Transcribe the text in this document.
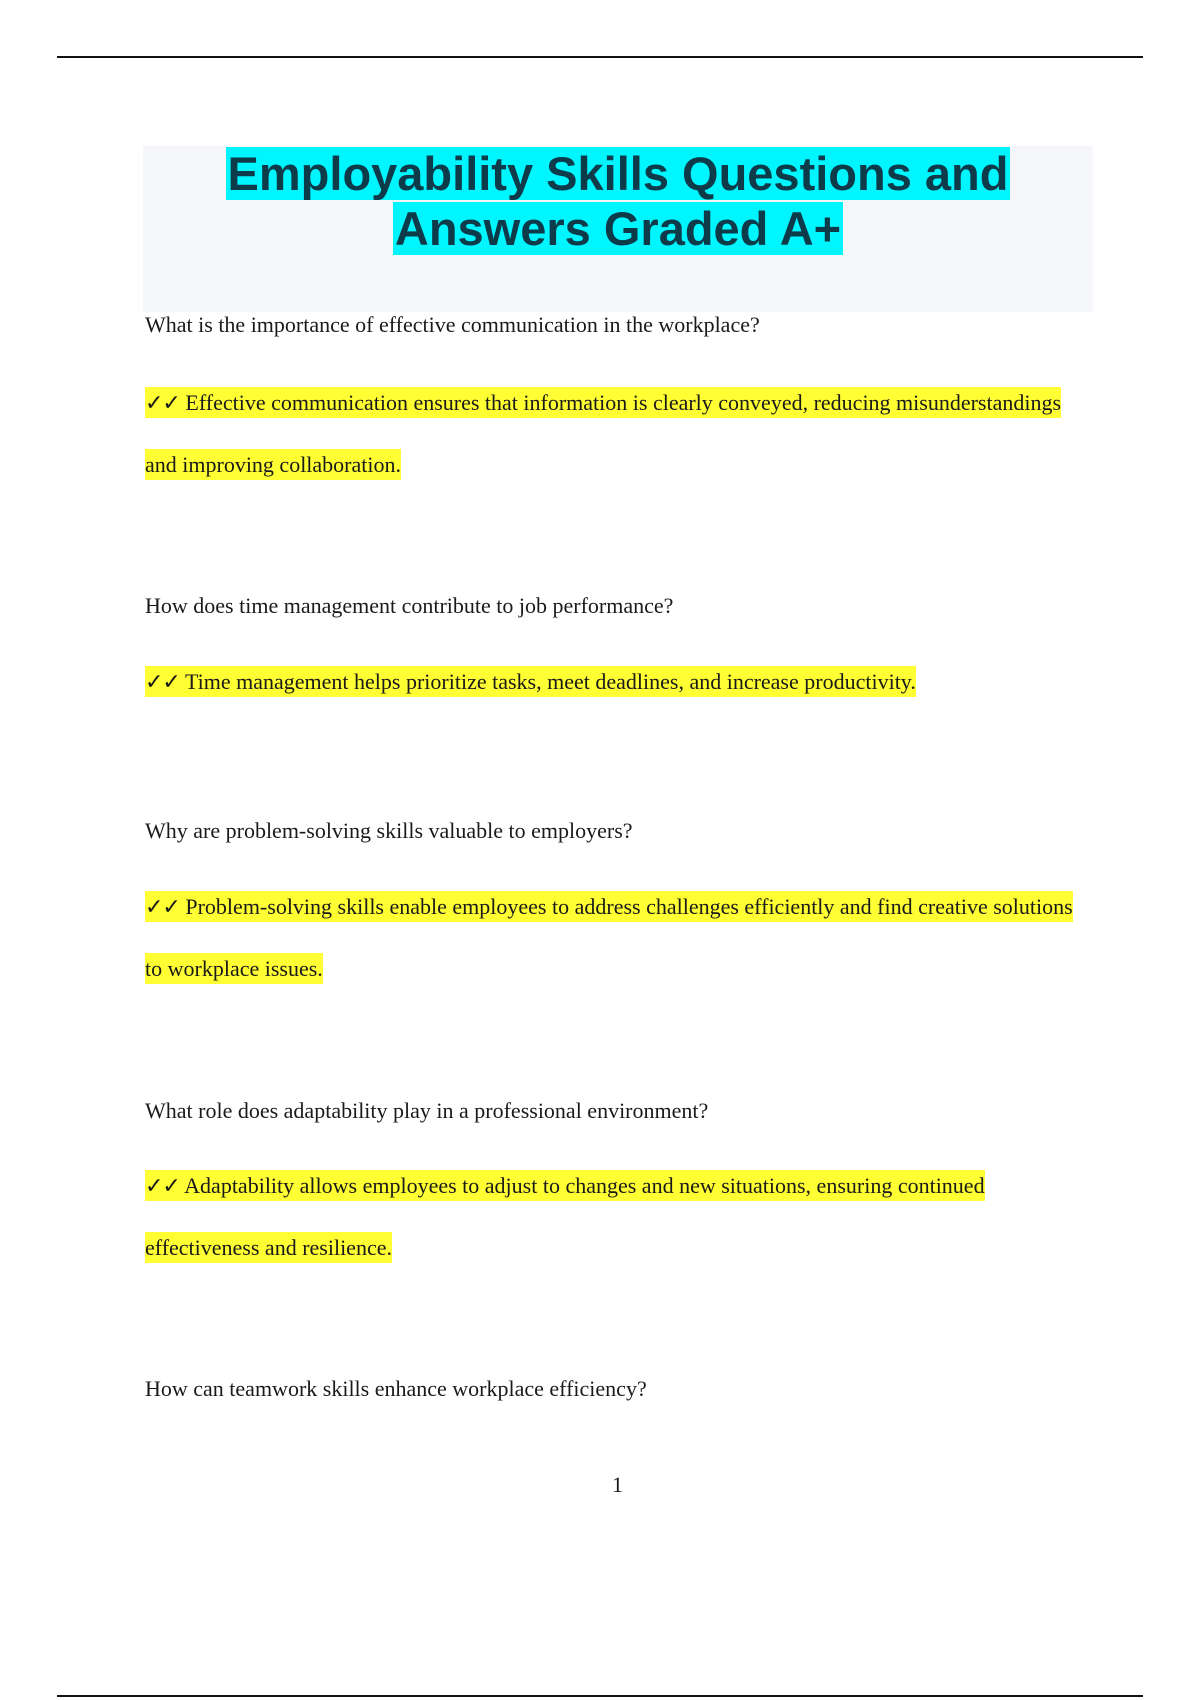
Employability Skills Questions and
Answers Graded A+

What is the importance of effective communication in the workplace?

✓✓ Effective communication ensures that information is clearly conveyed, reducing misunderstandings and improving collaboration.

How does time management contribute to job performance?

✓✓ Time management helps prioritize tasks, meet deadlines, and increase productivity.

Why are problem-solving skills valuable to employers?

✓✓ Problem-solving skills enable employees to address challenges efficiently and find creative solutions to workplace issues.

What role does adaptability play in a professional environment?

✓✓ Adaptability allows employees to adjust to changes and new situations, ensuring continued effectiveness and resilience.

How can teamwork skills enhance workplace efficiency?

1
